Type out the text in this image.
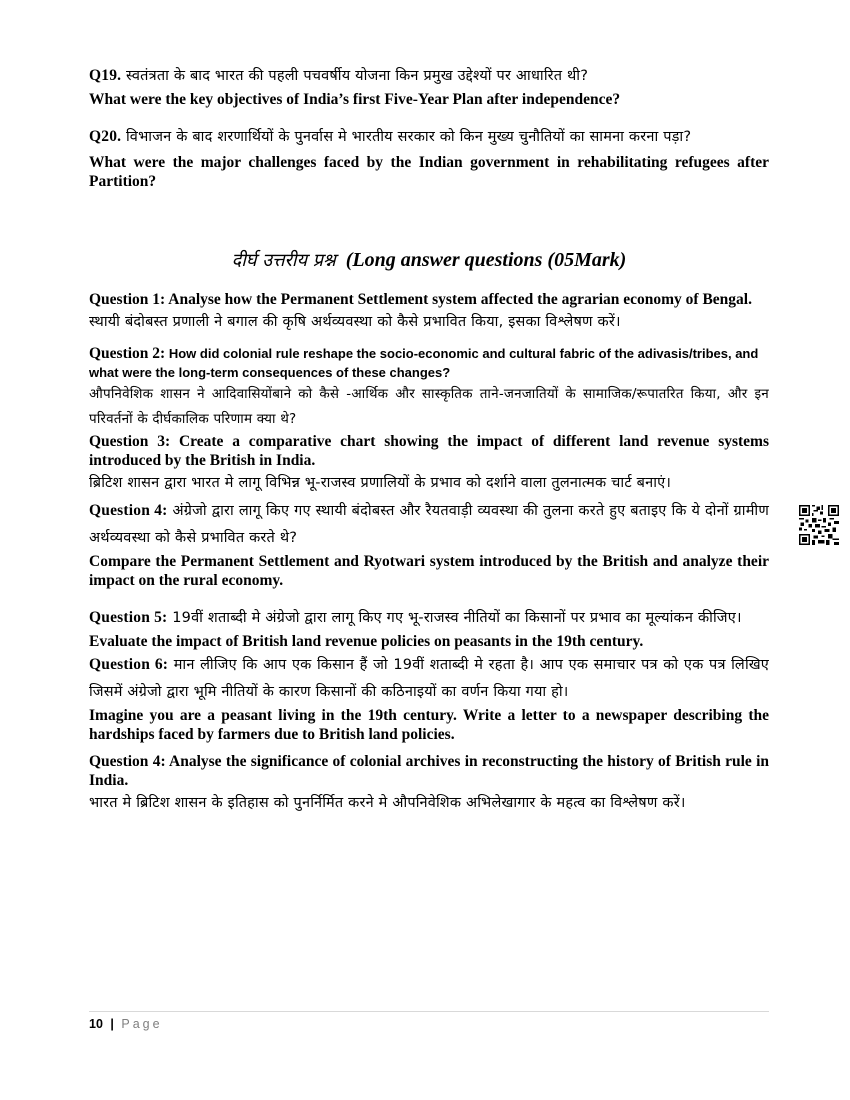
Q19. स्वतंत्रता के बाद भारत की पहली पचवर्षीय योजना किन प्रमुख उद्देश्यों पर आधारित थी?
What were the key objectives of India’s first Five-Year Plan after independence?
Q20. विभाजन के बाद शरणार्थियों के पुनर्वास मे भारतीय सरकार को किन मुख्य चुनौतियों का सामना करना पड़ा?
What were the major challenges faced by the Indian government in rehabilitating refugees after Partition?
दीर्घ उत्तरीय प्रश्न (Long answer questions (05Mark)
Question 1: Analyse how the Permanent Settlement system affected the agrarian economy of Bengal.
स्थायी बंदोबस्त प्रणाली ने बगाल की कृषि अर्थव्यवस्था को कैसे प्रभावित किया, इसका विश्लेषण करें।
Question 2: How did colonial rule reshape the socio-economic and cultural fabric of the adivasis/tribes, and what were the long-term consequences of these changes?
औपनिवेशिक शासन ने आदिवासियोंबाने को कैसे -आर्थिक और सास्कृतिक ताने-जनजातियों के सामाजिक/रूपातरित किया, और इन परिवर्तनों के दीर्घकालिक परिणाम क्या थे?
Question 3: Create a comparative chart showing the impact of different land revenue systems introduced by the British in India.
ब्रिटिश शासन द्वारा भारत मे लागू विभिन्न भू-राजस्व प्रणालियों के प्रभाव को दर्शाने वाला तुलनात्मक चार्ट बनाएं।
Question 4: अंग्रेजो द्वारा लागू किए गए स्थायी बंदोबस्त और रैयतवाड़ी व्यवस्था की तुलना करते हुए बताइए कि ये दोनों ग्रामीण अर्थव्यवस्था को कैसे प्रभावित करते थे?
Compare the Permanent Settlement and Ryotwari system introduced by the British and analyze their impact on the rural economy.
Question 5: 19वीं शताब्दी मे अंग्रेजो द्वारा लागू किए गए भू-राजस्व नीतियों का किसानों पर प्रभाव का मूल्यांकन कीजिए।
Evaluate the impact of British land revenue policies on peasants in the 19th century.
Question 6: मान लीजिए कि आप एक किसान हैं जो 19वीं शताब्दी मे रहता है। आप एक समाचार पत्र को एक पत्र लिखिए जिसमें अंग्रेजो द्वारा भूमि नीतियों के कारण किसानों की कठिनाइयों का वर्णन किया गया हो।
Imagine you are a peasant living in the 19th century. Write a letter to a newspaper describing the hardships faced by farmers due to British land policies.
Question 4: Analyse the significance of colonial archives in reconstructing the history of British rule in India.
भारत मे ब्रिटिश शासन के इतिहास को पुनर्निर्मित करने मे औपनिवेशिक अभिलेखागार के महत्व का विश्लेषण करें।
10 | Page
